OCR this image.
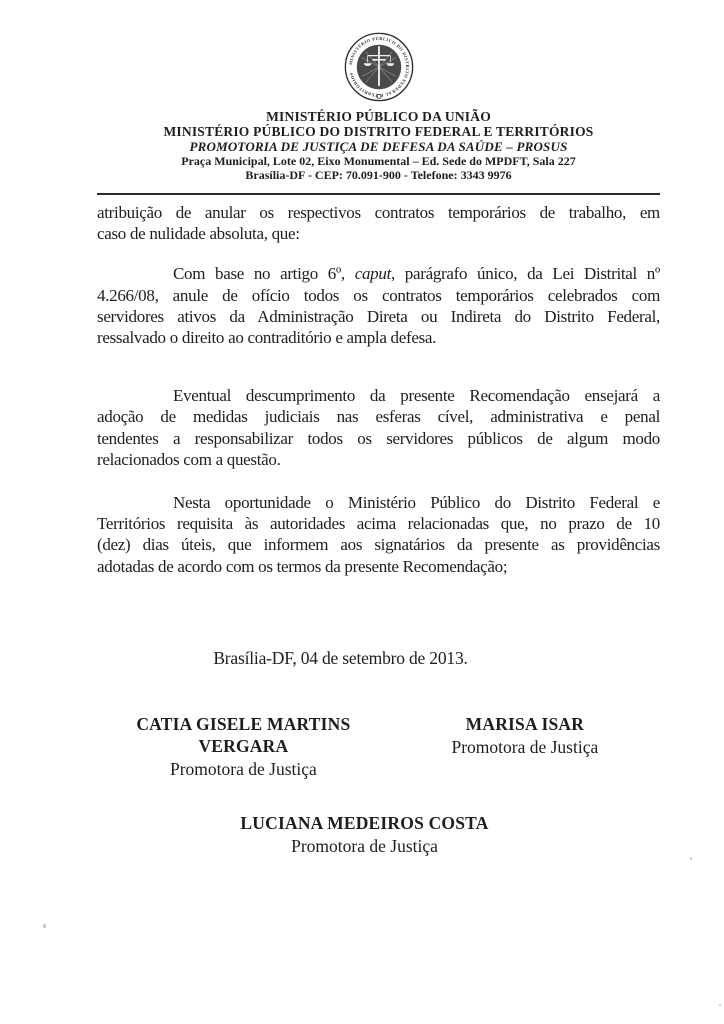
MINISTÉRIO PÚBLICO DO DISTRITO FEDERAL E TERRITÓRIOS
MINISTÉRIO PÚBLICO DA UNIÃO
MINISTÉRIO PÚBLICO DO DISTRITO FEDERAL E TERRITÓRIOS
PROMOTORIA DE JUSTIÇA DE DEFESA DA SAÚDE – PROSUS
Praça Municipal, Lote 02, Eixo Monumental – Ed. Sede do MPDFT, Sala 227
Brasília-DF - CEP: 70.091-900 - Telefone: 3343 9976

atribuição de anular os respectivos contratos temporários de trabalho, em
caso de nulidade absoluta, que:

Com base no artigo 6º, caput, parágrafo único, da Lei Distrital nº
4.266/08, anule de ofício todos os contratos temporários celebrados com
servidores ativos da Administração Direta ou Indireta do Distrito Federal,
ressalvado o direito ao contraditório e ampla defesa.

Eventual descumprimento da presente Recomendação ensejará a
adoção de medidas judiciais nas esferas cível, administrativa e penal
tendentes a responsabilizar todos os servidores públicos de algum modo
relacionados com a questão.

Nesta oportunidade o Ministério Público do Distrito Federal e
Territórios requisita às autoridades acima relacionadas que, no prazo de 10
(dez) dias úteis, que informem aos signatários da presente as providências
adotadas de acordo com os termos da presente Recomendação;

Brasília-DF, 04 de setembro de 2013.
CATIA GISELE MARTINS VERGARA
Promotora de Justiça
MARISA ISAR
Promotora de Justiça
LUCIANA MEDEIROS COSTA
Promotora de Justiça
